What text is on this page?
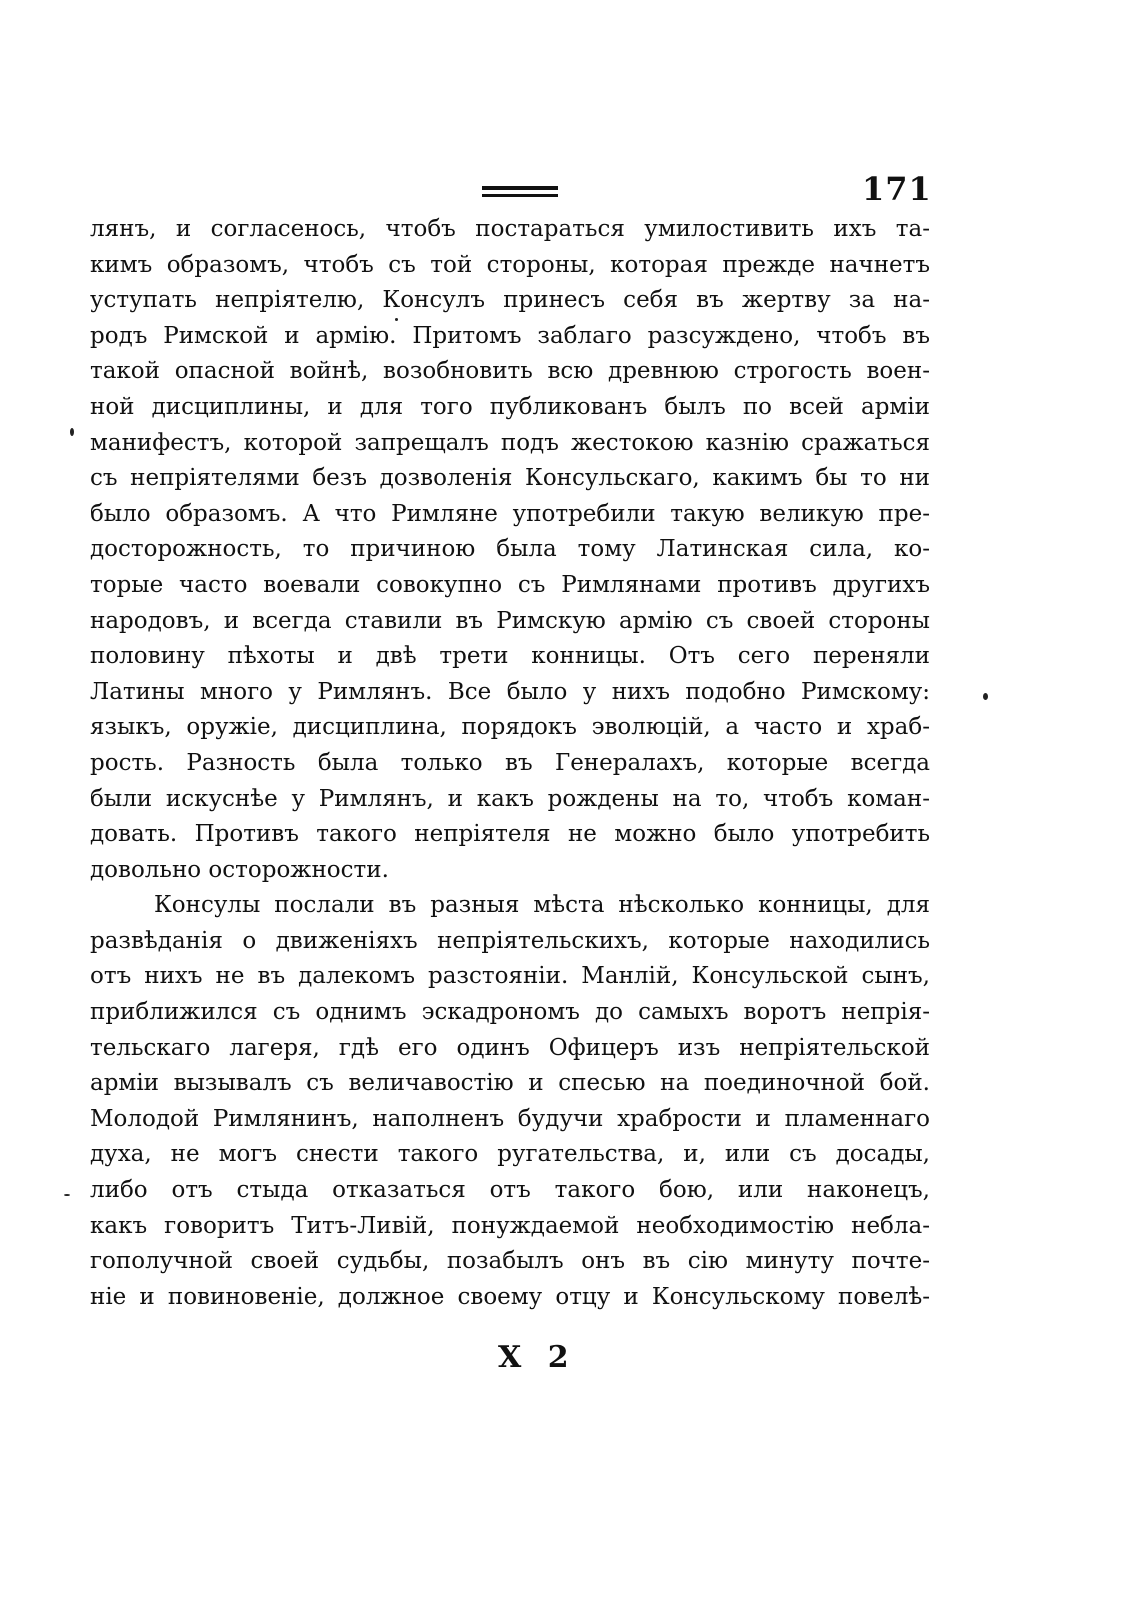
171
лянъ, и согласенось, чтобъ постараться умилостивить ихъ та-
кимъ образомъ, чтобъ съ той стороны, которая прежде начнетъ
уступать непріятелю, Консулъ принесъ себя въ жертву за на-
родъ Римской и армію. Притомъ заблаго разсуждено, чтобъ въ
такой опасной войнѣ, возобновить всю древнюю строгость воен-
ной дисциплины, и для того публикованъ былъ по всей арміи
манифестъ, которой запрещалъ подъ жестокою казнію сражаться
съ непріятелями безъ дозволенія Консульскаго, какимъ бы то ни
было образомъ. А что Римляне употребили такую великую пре-
досторожность, то причиною была тому Латинская сила, ко-
торые часто воевали совокупно съ Римлянами противъ другихъ
народовъ, и всегда ставили въ Римскую армію съ своей стороны
половину пѣхоты и двѣ трети конницы. Отъ сего переняли
Латины много у Римлянъ. Все было у нихъ подобно Римскому:
языкъ, оружіе, дисциплина, порядокъ эволюцій, а часто и храб-
рость. Разность была только въ Генералахъ, которые всегда
были искуснѣе у Римлянъ, и какъ рождены на то, чтобъ коман-
довать. Противъ такого непріятеля не можно было употребить
довольно осторожности.
Консулы послали въ разныя мѣста нѣсколько конницы, для
развѣданія о движеніяхъ непріятельскихъ, которые находились
отъ нихъ не въ далекомъ разстояніи. Манлій, Консульской сынъ,
приближился съ однимъ эскадрономъ до самыхъ воротъ непрія-
тельскаго лагеря, гдѣ его одинъ Офицеръ изъ непріятельской
арміи вызывалъ съ величавостію и спесью на поединочной бой.
Молодой Римлянинъ, наполненъ будучи храбрости и пламеннаго
духа, не могъ снести такого ругательства, и, или съ досады,
либо отъ стыда отказаться отъ такого бою, или наконецъ,
какъ говоритъ Титъ-Ливій, понуждаемой необходимостію небла-
гополучной своей судьбы, позабылъ онъ въ сію минуту почте-
ніе и повиновеніе, должное своему отцу и Консульскому повелѣ-
X 2
